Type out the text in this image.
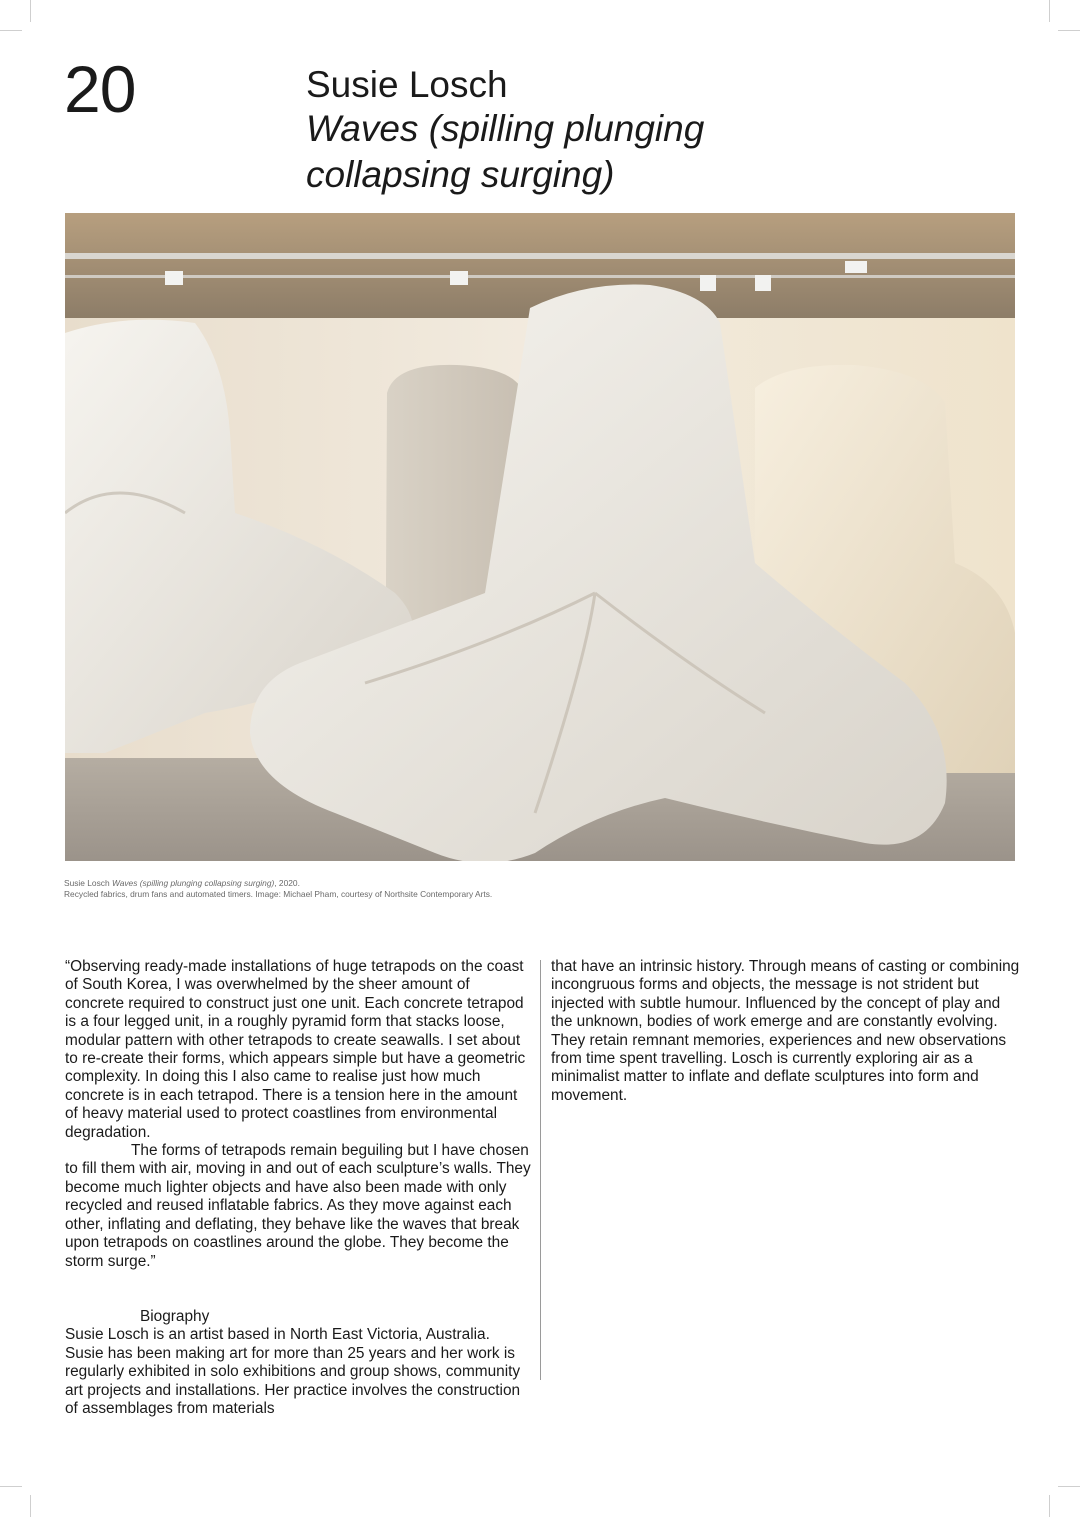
20	Susie Losch

Waves (spilling plunging

collapsing surging)

Susie Losch Waves (spilling plunging collapsing surging), 2020.
Recycled fabrics, drum fans and automated timers. Image: Michael Pham, courtesy of Northsite Contemporary Arts.

“Observing ready-made installations of huge tetrapods on the coast of South Korea, I was overwhelmed by the sheer amount of concrete required to construct just one unit. Each concrete tetrapod is a four legged unit, in a roughly pyramid form that stacks loose, modular pattern with other tetrapods to create seawalls. I set about to re-create their forms, which appears simple but have a geometric complexity. In doing this I also came to realise just how much concrete is in each tetrapod. There is a tension here in the amount of heavy material used to protect coastlines from environmental degradation.

The forms of tetrapods remain beguiling but I have chosen to fill them with air, moving in and out of each sculpture’s walls. They become much lighter objects and have also been made with only recycled and reused inflatable fabrics. As they move against each other, inflating and deflating, they behave like the waves that break upon tetrapods on coastlines around the globe. They become the storm surge.”

Biography

Susie Losch is an artist based in North East Victoria, Australia. Susie has been making art for more than 25 years and her work is regularly exhibited in solo exhibitions and group shows, community art projects and installations. Her practice involves the construction of assemblages from materials

that have an intrinsic history. Through means of casting or combining incongruous forms and objects, the message is not strident but injected with subtle humour. Influenced by the concept of play and the unknown, bodies of work emerge and are constantly evolving. They retain remnant memories, experiences and new observations from time spent travelling. Losch is currently exploring air as a minimalist matter to inflate and deflate sculptures into form and movement.
